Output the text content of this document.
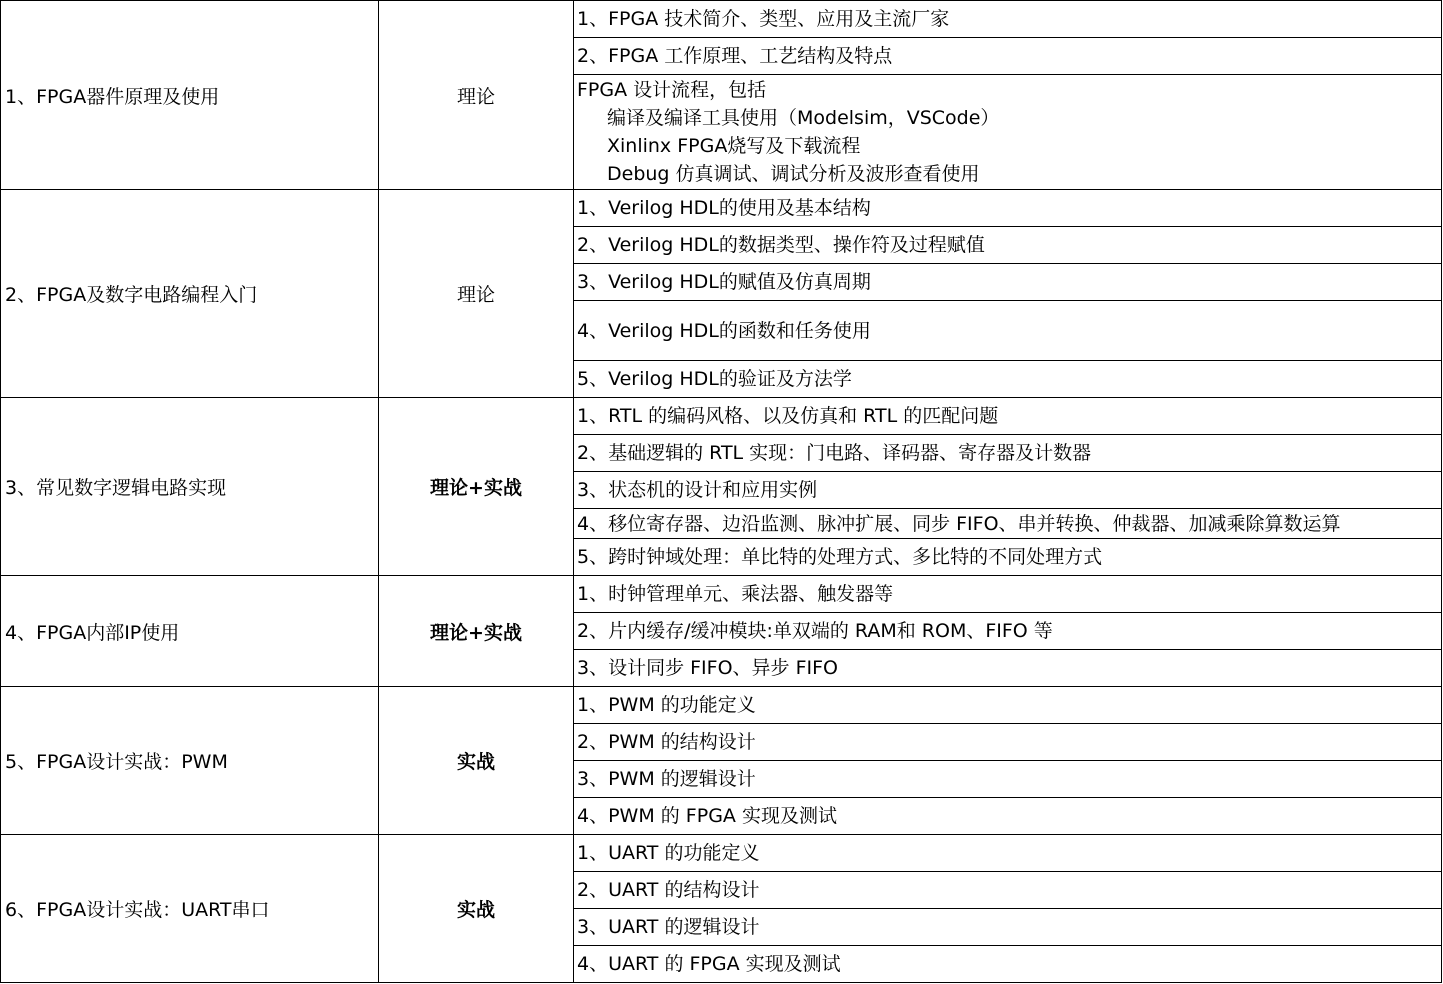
1、FPGA器件原理及使用	理论	1、FPGA 技术简介、类型、应用及主流厂家

		2、FPGA 工作原理、工艺结构及特点

		FPGA 设计流程，包括
编译及编译工具使用（Modelsim，VSCode）
Xinlinx FPGA烧写及下载流程
Debug 仿真调试、调试分析及波形查看使用

2、FPGA及数字电路编程入门	理论	1、Verilog HDL的使用及基本结构

		2、Verilog HDL的数据类型、操作符及过程赋值

		3、Verilog HDL的赋值及仿真周期

		4、Verilog HDL的函数和任务使用

		5、Verilog HDL的验证及方法学

3、常见数字逻辑电路实现	理论+实战	1、RTL 的编码风格、以及仿真和 RTL 的匹配问题

		2、基础逻辑的 RTL 实现：门电路、译码器、寄存器及计数器

		3、状态机的设计和应用实例

		4、移位寄存器、边沿监测、脉冲扩展、同步 FIFO、串并转换、仲裁器、加减乘除算数运算

		5、跨时钟域处理：单比特的处理方式、多比特的不同处理方式

4、FPGA内部IP使用	理论+实战	1、时钟管理单元、乘法器、触发器等

		2、片内缓存/缓冲模块:单双端的 RAM和 ROM、FIFO 等

		3、设计同步 FIFO、异步 FIFO

5、FPGA设计实战：PWM	实战	1、PWM 的功能定义

		2、PWM 的结构设计

		3、PWM 的逻辑设计

		4、PWM 的 FPGA 实现及测试

6、FPGA设计实战：UART串口	实战	1、UART 的功能定义

		2、UART 的结构设计

		3、UART 的逻辑设计

		4、UART 的 FPGA 实现及测试
